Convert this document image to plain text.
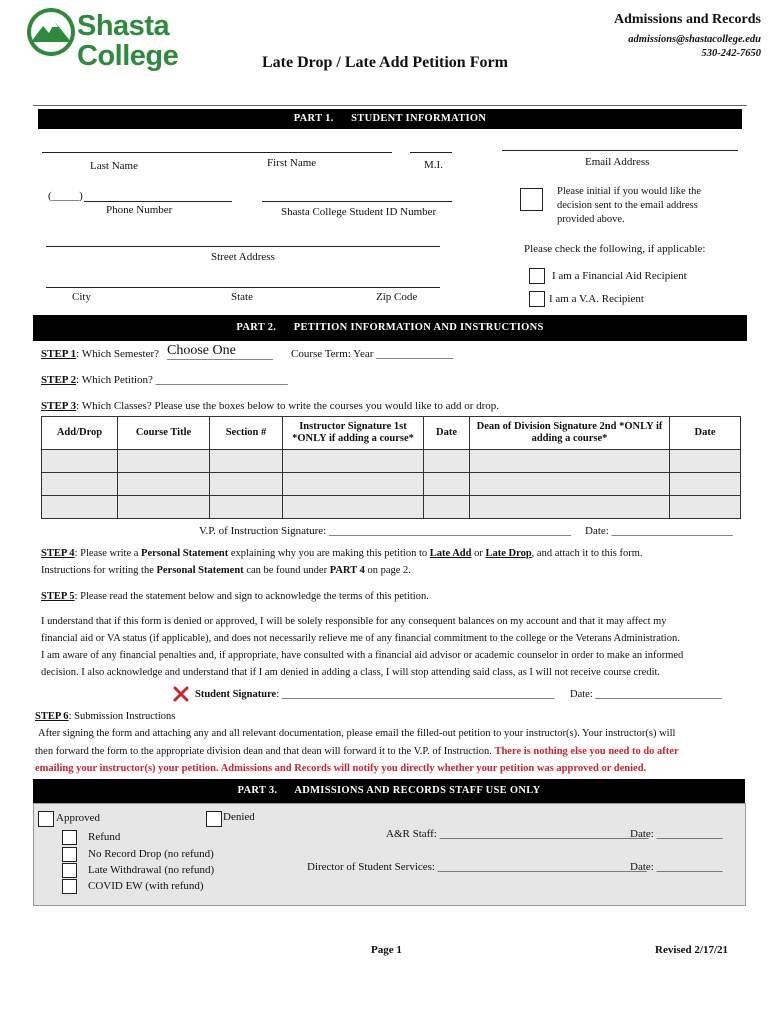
Shasta
College
Admissions and Records
admissions@shastacollege.edu
530-242-7650
Late Drop / Late Add Petition Form
PART 1.      STUDENT INFORMATION
Last Name	First Name	M.I.	Email Address
(_____)
Phone Number	Shasta College Student ID Number
Please initial if you would like the decision sent to the email address provided above.
Street Address
Please check the following, if applicable:
I am a Financial Aid Recipient
City	State	Zip Code	I am a V.A. Recipient
PART 2.      PETITION INFORMATION AND INSTRUCTIONS
STEP 1: Which Semester? Choose One	Course Term: Year ______________
STEP 2: Which Petition? ________________________
STEP 3: Which Classes? Please use the boxes below to write the courses you would like to add or drop.
Add/Drop	Course Title	Section #	Instructor Signature 1st *ONLY if adding a course*	Date	Dean of Division Signature 2nd *ONLY if adding a course*	Date

V.P. of Instruction Signature: ____________________________________________ Date: ______________________
STEP 4: Please write a Personal Statement explaining why you are making this petition to Late Add or Late Drop, and attach it to this form.
Instructions for writing the Personal Statement can be found under PART 4 on page 2.
STEP 5: Please read the statement below and sign to acknowledge the terms of this petition.
I understand that if this form is denied or approved, I will be solely responsible for any consequent balances on my account and that it may affect my
financial aid or VA status (if applicable), and does not necessarily relieve me of any financial commitment to the college or the Veterans Administration.
I am aware of any financial penalties and, if appropriate, have consulted with a financial aid advisor or academic counselor in order to make an informed
decision. I also acknowledge and understand that if I am denied in adding a class, I will stop attending said class, as I will not receive course credit.
Student Signature: ____________________________________________________ Date: ________________________
STEP 6: Submission Instructions
After signing the form and attaching any and all relevant documentation, please email the filled-out petition to your instructor(s). Your instructor(s) will
then forward the form to the appropriate division dean and that dean will forward it to the V.P. of Instruction. There is nothing else you need to do after
emailing your instructor(s) your petition. Admissions and Records will notify you directly whether your petition was approved or denied.
PART 3.      ADMISSIONS AND RECORDS STAFF USE ONLY
Approved	Denied
Refund
No Record Drop (no refund)
Late Withdrawal (no refund)
COVID EW (with refund)
A&R Staff: ______________________________________
Date: ____________
Director of Student Services: ______________________________________
Date: ____________
Page 1	Revised 2/17/21
